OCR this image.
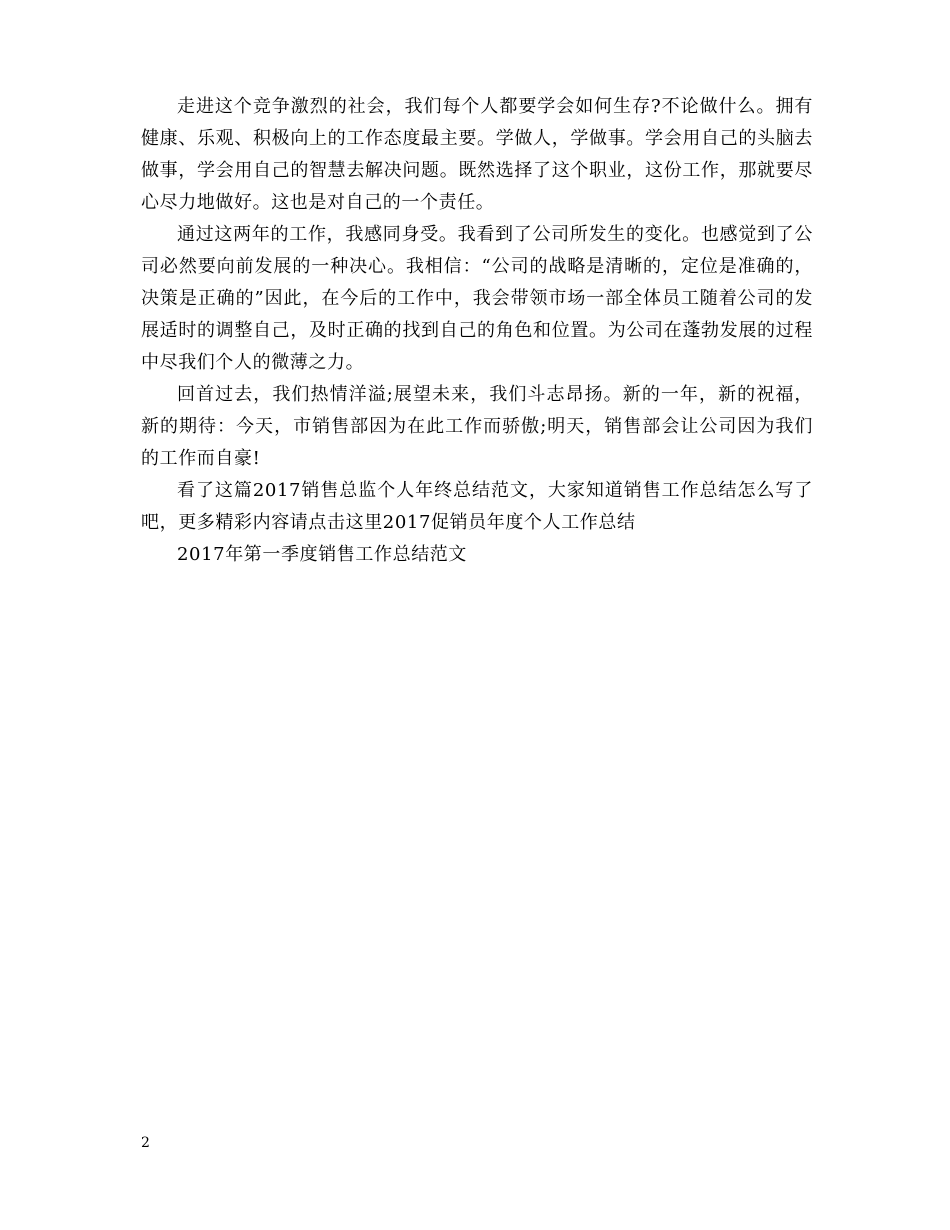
走进这个竞争激烈的社会，我们每个人都要学会如何生存?不论做什么。拥有健康、乐观、积极向上的工作态度最主要。学做人，学做事。学会用自己的头脑去做事，学会用自己的智慧去解决问题。既然选择了这个职业，这份工作，那就要尽心尽力地做好。这也是对自己的一个责任。

通过这两年的工作，我感同身受。我看到了公司所发生的变化。也感觉到了公司必然要向前发展的一种决心。我相信：“公司的战略是清晰的，定位是准确的，决策是正确的”因此，在今后的工作中，我会带领市场一部全体员工随着公司的发展适时的调整自己，及时正确的找到自己的角色和位置。为公司在蓬勃发展的过程中尽我们个人的微薄之力。

回首过去，我们热情洋溢;展望未来，我们斗志昂扬。新的一年，新的祝福，新的期待：今天，市销售部因为在此工作而骄傲;明天，销售部会让公司因为我们的工作而自豪!

看了这篇2017销售总监个人年终总结范文，大家知道销售工作总结怎么写了吧，更多精彩内容请点击这里2017促销员年度个人工作总结

2017年第一季度销售工作总结范文

2
